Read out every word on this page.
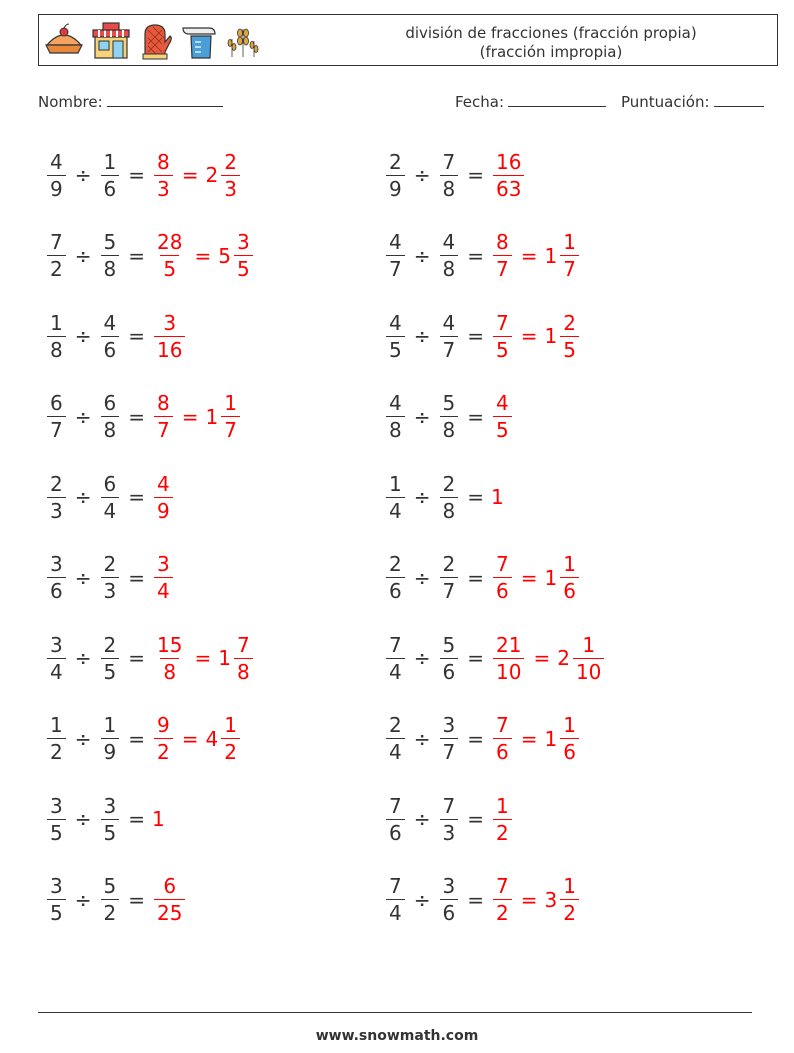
división de fracciones (fracción propia)
(fracción impropia)
Nombre:	Fecha:	Puntuación:
$\frac{4}{9} \div \frac{1}{6} = \frac{8}{3} = 2 \frac{2}{3}$	$\frac{2}{9} \div \frac{7}{8} = \frac{16}{63}$
$\frac{7}{2} \div \frac{5}{8} = \frac{28}{5} = 5 \frac{3}{5}$	$\frac{4}{7} \div \frac{4}{8} = \frac{8}{7} = 1 \frac{1}{7}$
$\frac{1}{8} \div \frac{4}{6} = \frac{3}{16}$	$\frac{4}{5} \div \frac{4}{7} = \frac{7}{5} = 1 \frac{2}{5}$
$\frac{6}{7} \div \frac{6}{8} = \frac{8}{7} = 1 \frac{1}{7}$	$\frac{4}{8} \div \frac{5}{8} = \frac{4}{5}$
$\frac{2}{3} \div \frac{6}{4} = \frac{4}{9}$	$\frac{1}{4} \div \frac{2}{8} = 1$
$\frac{3}{6} \div \frac{2}{3} = \frac{3}{4}$	$\frac{2}{6} \div \frac{2}{7} = \frac{7}{6} = 1 \frac{1}{6}$
$\frac{3}{4} \div \frac{2}{5} = \frac{15}{8} = 1 \frac{7}{8}$	$\frac{7}{4} \div \frac{5}{6} = \frac{21}{10} = 2 \frac{1}{10}$
$\frac{1}{2} \div \frac{1}{9} = \frac{9}{2} = 4 \frac{1}{2}$	$\frac{2}{4} \div \frac{3}{7} = \frac{7}{6} = 1 \frac{1}{6}$
$\frac{3}{5} \div \frac{3}{5} = 1$	$\frac{7}{6} \div \frac{7}{3} = \frac{1}{2}$
$\frac{3}{5} \div \frac{5}{2} = \frac{6}{25}$	$\frac{7}{4} \div \frac{3}{6} = \frac{7}{2} = 3 \frac{1}{2}$
www.snowmath.com
